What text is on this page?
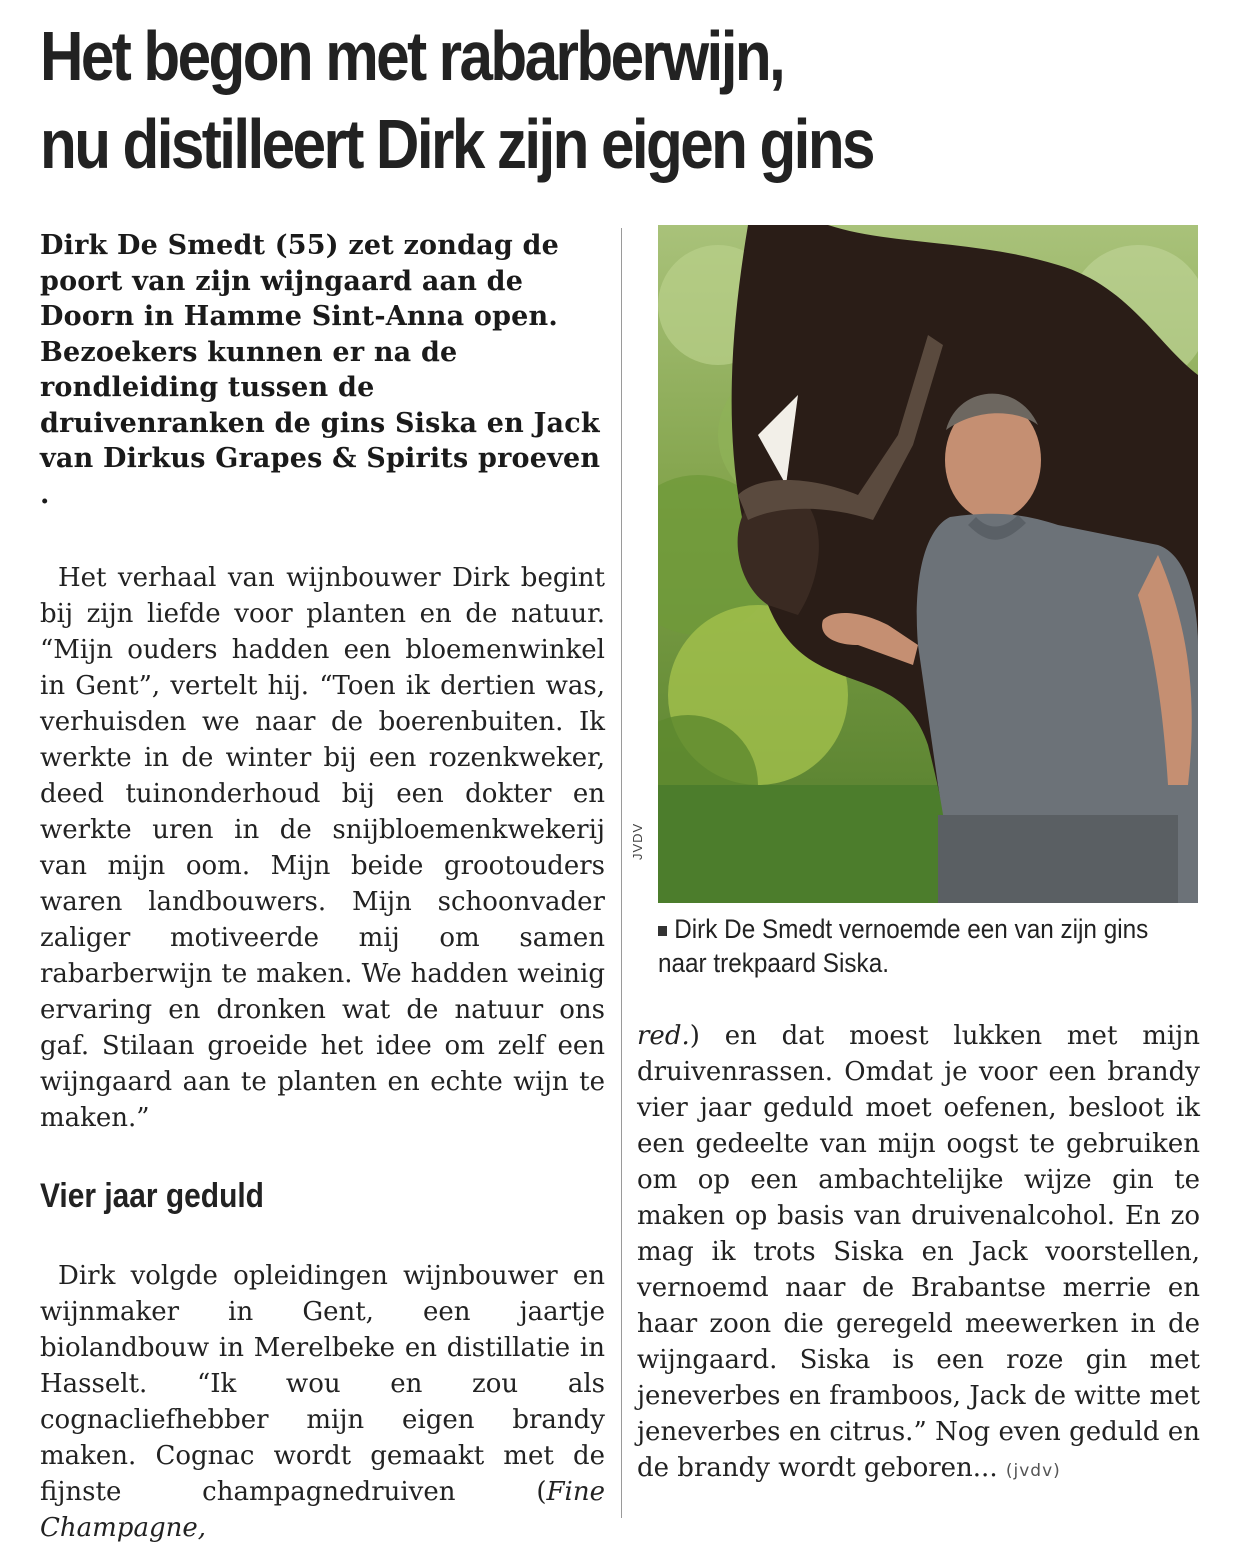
Het begon met rabarberwijn,
nu distilleert Dirk zijn eigen gins

Dirk De Smedt (55) zet zondag de poort van zijn wijngaard aan de Doorn in Hamme Sint-Anna open. Bezoekers kunnen er na de rondleiding tussen de druivenranken de gins Siska en Jack van Dirkus Grapes & Spirits proeven .

Het verhaal van wijnbouwer Dirk begint bij zijn liefde voor planten en de natuur. “Mijn ouders hadden een bloemenwinkel in Gent”, vertelt hij. “Toen ik dertien was, verhuisden we naar de boerenbuiten. Ik werkte in de winter bij een rozenkweker, deed tuinonderhoud bij een dokter en werkte uren in de snijbloemenkwekerij van mijn oom. Mijn beide grootouders waren landbouwers. Mijn schoonvader zaliger motiveerde mij om samen rabarberwijn te maken. We hadden weinig ervaring en dronken wat de natuur ons gaf. Stilaan groeide het idee om zelf een wijngaard aan te planten en echte wijn te maken.”

Vier jaar geduld

Dirk volgde opleidingen wijnbouwer en wijnmaker in Gent, een jaartje biolandbouw in Merelbeke en distillatie in Hasselt. “Ik wou en zou als cognacliefhebber mijn eigen brandy maken. Cognac wordt gemaakt met de fijnste champagnedruiven (Fine Champagne,

JVDV
Dirk De Smedt vernoemde een van zijn gins naar trekpaard Siska.

red.) en dat moest lukken met mijn druivenrassen. Omdat je voor een brandy vier jaar geduld moet oefenen, besloot ik een gedeelte van mijn oogst te gebruiken om op een ambachtelijke wijze gin te maken op basis van druivenalcohol. En zo mag ik trots Siska en Jack voorstellen, vernoemd naar de Brabantse merrie en haar zoon die geregeld meewerken in de wijngaard. Siska is een roze gin met jeneverbes en framboos, Jack de witte met jeneverbes en citrus.” Nog even geduld en de brandy wordt geboren... (jvdv)
